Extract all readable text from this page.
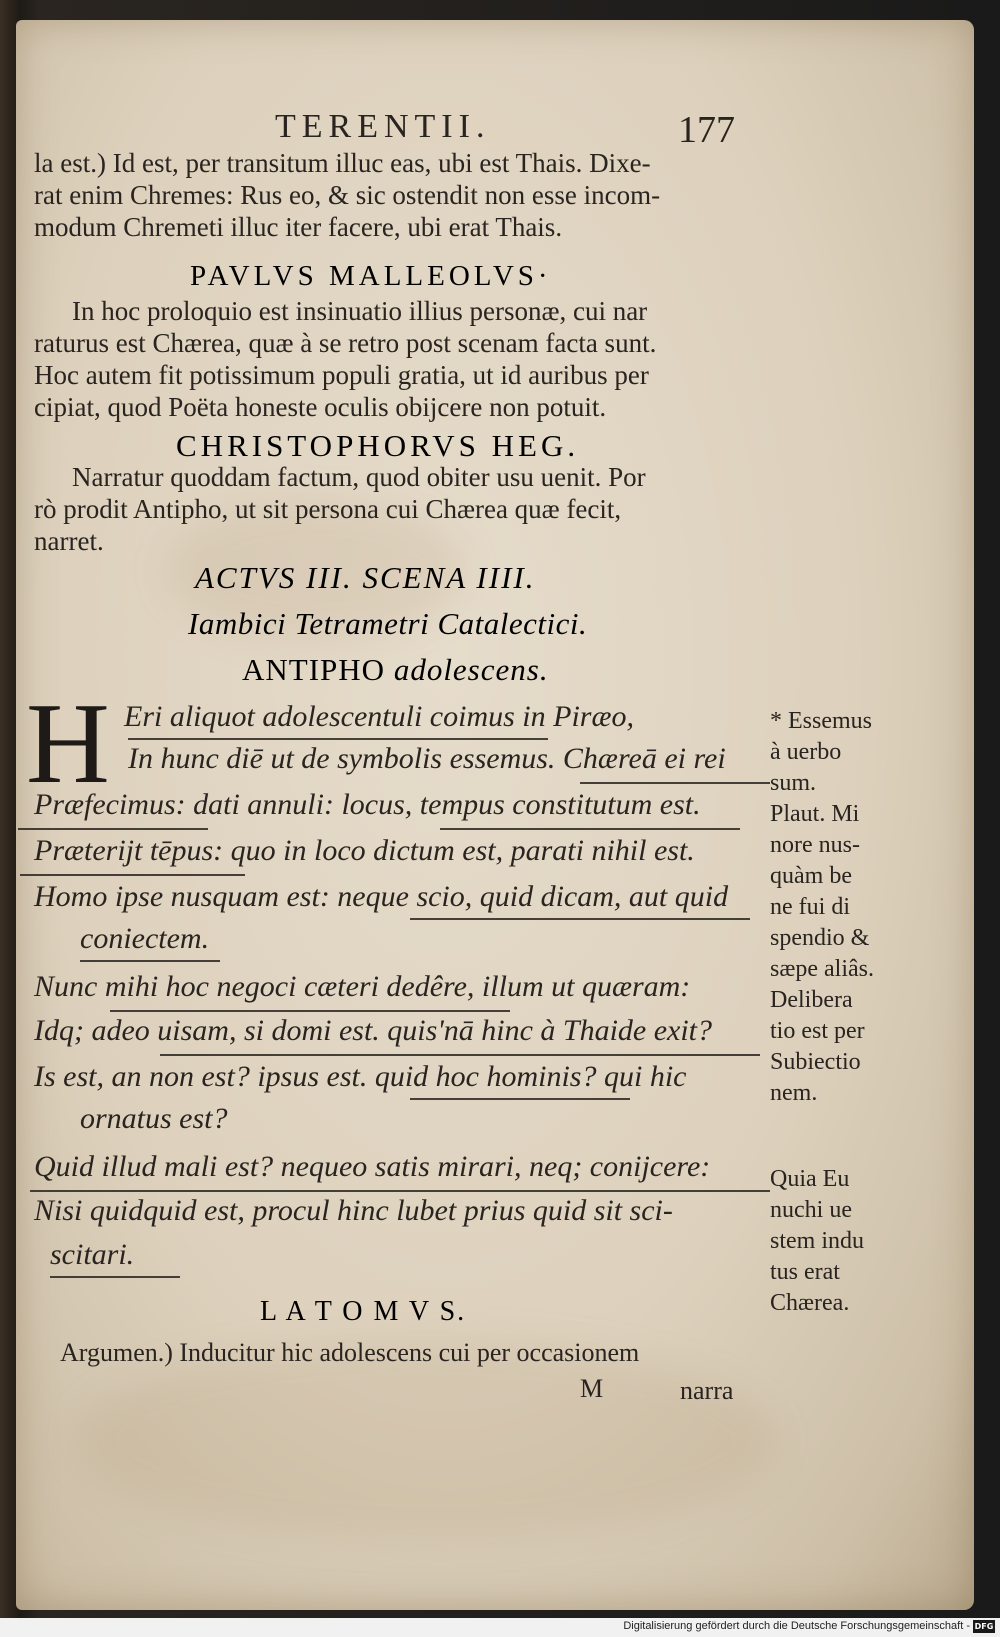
TERENTII.	177
la est.) Id est, per transitum illuc eas, ubi est Thais. Dixe-
rat enim Chremes: Rus eo, & sic ostendit non esse incom-
modum Chremeti illuc iter facere, ubi erat Thais.
PAVLVS MALLEOLVS·
In hoc proloquio est insinuatio illius personæ, cui nar
raturus est Chærea, quæ à se retro post scenam facta sunt.
Hoc autem fit potissimum populi gratia, ut id auribus per
cipiat, quod Poëta honeste oculis obijcere non potuit.
CHRISTOPHORVS HEG.
Narratur quoddam factum, quod obiter usu uenit. Por
rò prodit Antipho, ut sit persona cui Chærea quæ fecit,
narret.
ACTVS III. SCENA IIII.
Iambici Tetrametri Catalectici.
ANTIPHO adolescens.
H Eri aliquot adolescentuli coimus in Piræo,
In hunc diē ut de symbolis essemus. Chæreā ei rei
Præfecimus: dati annuli: locus, tempus constitutum est.
Præterijt tēpus: quo in loco dictum est, parati nihil est.
Homo ipse nusquam est: neque scio, quid dicam, aut quid
coniectem.
Nunc mihi hoc negoci cæteri dedêre, illum ut quæram:
Idq; adeo uisam, si domi est. quis'nā hinc à Thaide exit?
Is est, an non est? ipsus est. quid hoc hominis? qui hic
ornatus est?
Quid illud mali est? nequeo satis mirari, neq; conijcere:
Nisi quidquid est, procul hinc lubet prius quid sit sci-
scitari.
* Essemus
à uerbo
sum.
Plaut. Mi
nore nus-
quàm be
ne fui di
spendio &
sæpe aliâs.
Delibera
tio est per
Subiectio
nem.
Quia Eu
nuchi ue
stem indu
tus erat
Chærea.
L A T O M V S.
Argumen.) Inducitur hic adolescens cui per occasionem
M	narra
Digitalisierung gefördert durch die Deutsche Forschungsgemeinschaft - DFG
